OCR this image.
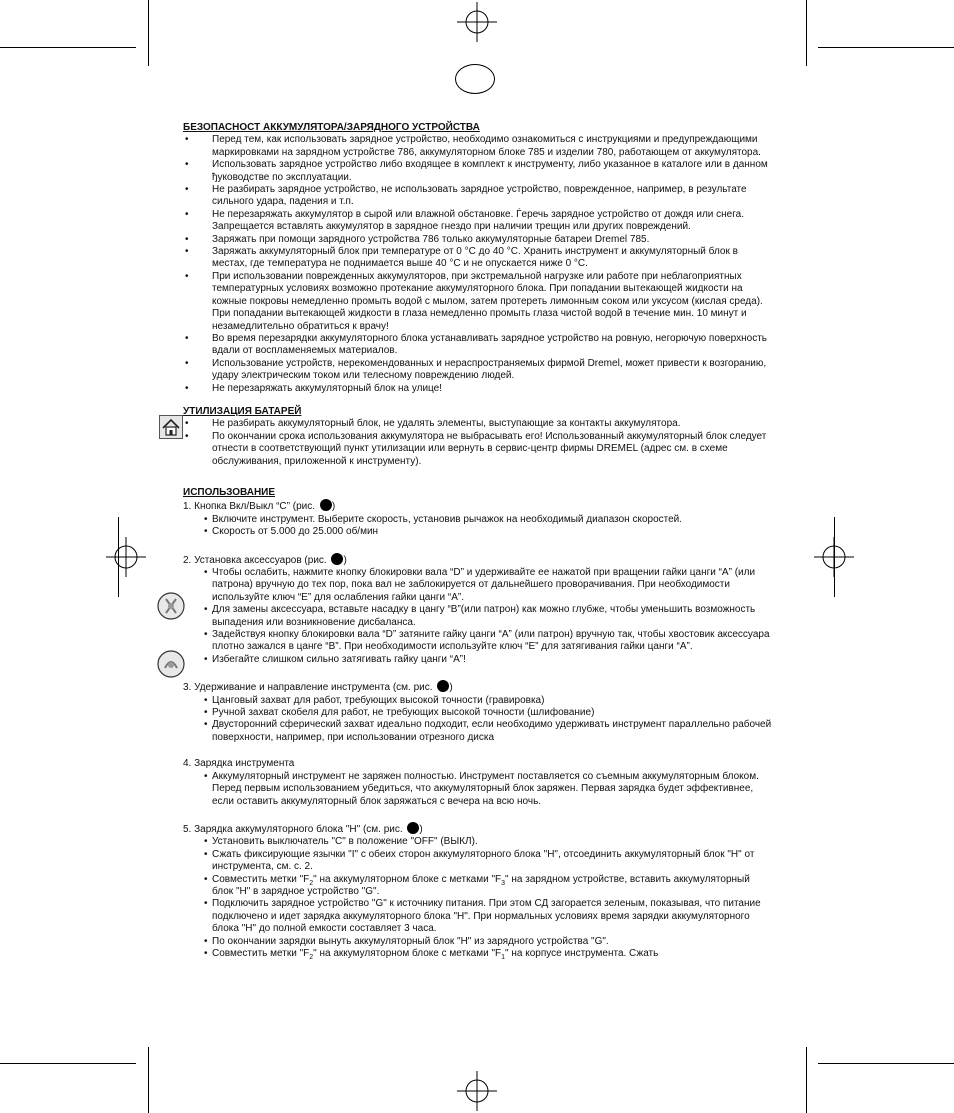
БЕЗОПАСНОСТ АККУМУЛЯТОРА/ЗАРЯДНОГО УСТРОЙСТВА

• Перед тем, как использовать зарядное устройство, необходимо ознакомиться с инструкциями и предупреждающими маркировками на зарядном устройстве 786, аккумуляторном блоке 785 и изделии 780, работающем от аккумулятора.
• Использовать зарядное устройство либо входящее в комплект к инструменту, либо указанное в каталоге или в данном ђуководстве по эксплуатации.
• Не разбирать зарядное устройство, не использовать зарядное устройство, поврежденное, например, в результате сильного удара, падения и т.п.
• Не перезаряжать аккумулятор в сырой или влажной обстановке. Ѓеречь зарядное устройство от дождя или снега. Запрещается вставлять аккумулятор в зарядное гнездо при наличии трещин или других повреждений.
• Заряжать при помощи зарядного устройства 786 только аккумуляторные батареи Dremel 785.
• Заряжать аккумуляторный блок при температуре от 0 °C до 40 °C. Хранить инструмент и аккумуляторный блок в местах, где температура не поднимается выше 40 °C и не опускается ниже 0 °C.
• При использовании поврежденных аккумуляторов, при экстремальной нагрузке или работе при неблагоприятных температурных условиях возможно протекание аккумуляторного блока. При попадании вытекающей жидкости на кожные покровы немедленно промыть водой с мылом, затем протереть лимонным соком или уксусом (кислая среда). При попадании вытекающей жидкости в глаза немедленно промыть глаза чистой водой в течение мин. 10 минут и незамедлительно обратиться к врачу!
• Во время перезарядки аккумуляторного блока устанавливать зарядное устройство на ровную, негорючую поверхность вдали от воспламеняемых материалов.
• Использование устройств, нерекомендованных и нераспространяемых фирмой Dremel, может привести к возгоранию, удару электрическим током или телесному повреждению людей.
• Не перезаряжать аккумуляторный блок на улице!

УТИЛИЗАЦИЯ БАТАРЕЙ

• Не разбирать аккумуляторный блок, не удалять элементы, выступающие за контакты аккумулятора.
• По окончании срока использования аккумулятора не выбрасывать его! Использованный аккумуляторный блок следует отнести в соответствующий пункт утилизации или вернуть в сервис-центр фирмы DREMEL (адрес см. в схеме обслуживания, приложенной к инструменту).

ИСПОЛЬЗОВАНИЕ

1. Кнопка Вкл/Выкл “C” (рис. )

• Включите инструмент. Выберите скорость, установив рычажок на необходимый диапазон скоростей.
• Скорость от 5.000 до 25.000 об/мин

2. Установка аксессуаров (рис. )

• Чтобы ослабить, нажмите кнопку блокировки вала “D” и удерживайте ее нажатой при вращении гайки цанги “A” (или патрона) вручную до тех пор, пока вал не заблокируется от дальнейшего проворачивания. При необходимости используйте ключ “E” для ослабления гайки цанги “A”.
• Для замены аксессуара, вставьте насадку в цангу “B”(или патрон) как можно глубже, чтобы уменьшить возможность выпадения или возникновение дисбаланса.
• Задействуя кнопку блокировки вала “D” затяните гайку цанги “A” (или патрон) вручную так, чтобы хвостовик аксессуара плотно зажался в цанге “B”. При необходимости используйте ключ “E” для затягивания гайки цанги “A”.
• Избегайте слишком сильно затягивать гайку цанги “A”!

3. Удерживание и направление инструмента (см. рис. )

• Цанговый захват для работ, требующих высокой точности (гравировка)
• Ручной захват скобеля для работ, не требующих высокой точности (шлифование)
• Двусторонний сферический захват идеально подходит, если необходимо удерживать инструмент параллельно рабочей поверхности, например, при использовании отрезного диска

4. Зарядка инструмента

• Аккумуляторный инструмент не заряжен полностью. Инструмент поставляется со съемным аккумуляторным блоком. Перед первым использованием убедиться, что аккумуляторный блок заряжен. Первая зарядка будет эффективнее, если оставить аккумуляторный блок заряжаться с вечера на всю ночь.

5. Зарядка аккумуляторного блока "H" (см. рис. )

• Установить выключатель "C" в положение "OFF" (ВЫКЛ).
• Сжать фиксирующие язычки "I" с обеих сторон аккумуляторного блока "H", отсоединить аккумуляторный блок "H" от инструмента, см. с. 2.
• Совместить метки "$F_2$" на аккумуляторном блоке с метками "$F_3$" на зарядном устройстве, вставить аккумуляторный блок "H" в зарядное устройство "G".
• Подключить зарядное устройство "G" к источнику питания. При этом СД загорается зеленым, показывая, что питание подключено и идет зарядка аккумуляторного блока "H". При нормальных условиях время зарядки аккумуляторного блока "H" до полной емкости составляет 3 часа.
• По окончании зарядки вынуть аккумуляторный блок "H" из зарядного устройства "G".
• Совместить метки "$F_2$" на аккумуляторном блоке с метками "$F_1$" на корпусе инструмента. Сжать
